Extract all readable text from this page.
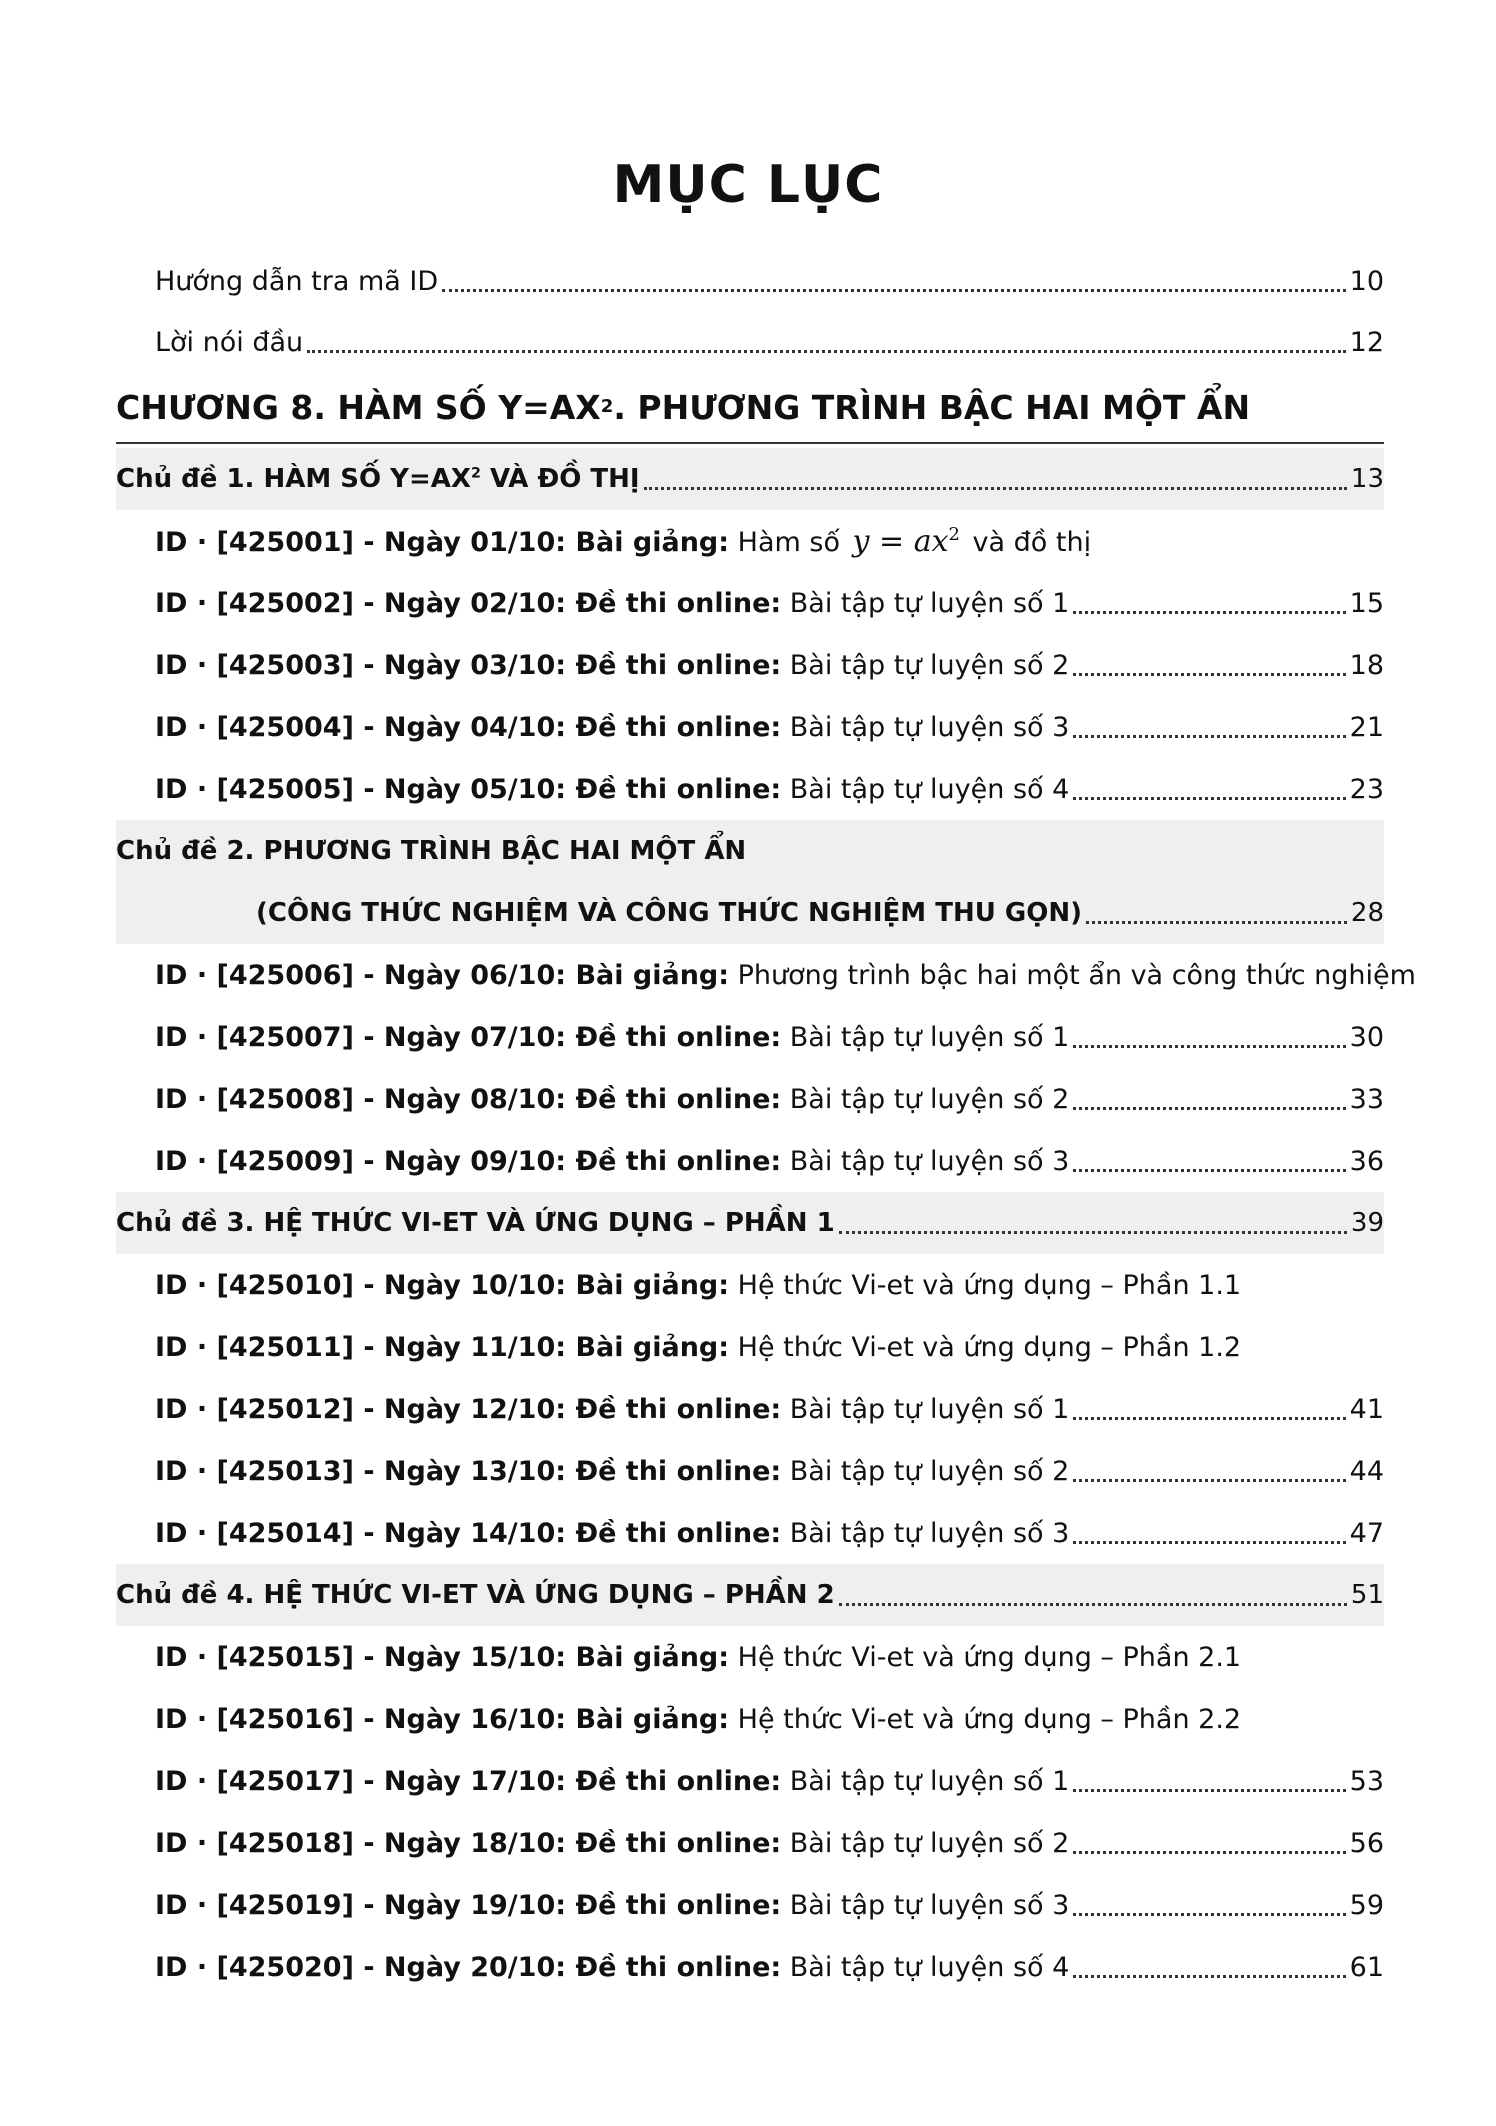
MỤC LỤC
Hướng dẫn tra mã ID	10
Lời nói đầu	12
CHƯƠNG 8. HÀM SỐ Y=AX 2 . PHƯƠNG TRÌNH BẬC HAI MỘT ẨN
Chủ đề 1. HÀM SỐ $Y=AX^2$ VÀ ĐỒ THỊ	13
ID · [425001] - Ngày 01/10: Bài giảng: Hàm số $y = ax^2$ và đồ thị
ID · [425002] - Ngày 02/10: Đề thi online: Bài tập tự luyện số 1	15
ID · [425003] - Ngày 03/10: Đề thi online: Bài tập tự luyện số 2	18
ID · [425004] - Ngày 04/10: Đề thi online: Bài tập tự luyện số 3	21
ID · [425005] - Ngày 05/10: Đề thi online: Bài tập tự luyện số 4	23
Chủ đề 2. PHƯƠNG TRÌNH BẬC HAI MỘT ẨN
(CÔNG THỨC NGHIỆM VÀ CÔNG THỨC NGHIỆM THU GỌN)	28
ID · [425006] - Ngày 06/10: Bài giảng: Phương trình bậc hai một ẩn và công thức nghiệm
ID · [425007] - Ngày 07/10: Đề thi online: Bài tập tự luyện số 1	30
ID · [425008] - Ngày 08/10: Đề thi online: Bài tập tự luyện số 2	33
ID · [425009] - Ngày 09/10: Đề thi online: Bài tập tự luyện số 3	36
Chủ đề 3. HỆ THỨC VI-ET VÀ ỨNG DỤNG – PHẦN 1	39
ID · [425010] - Ngày 10/10: Bài giảng: Hệ thức Vi-et và ứng dụng – Phần 1.1
ID · [425011] - Ngày 11/10: Bài giảng: Hệ thức Vi-et và ứng dụng – Phần 1.2
ID · [425012] - Ngày 12/10: Đề thi online: Bài tập tự luyện số 1	41
ID · [425013] - Ngày 13/10: Đề thi online: Bài tập tự luyện số 2	44
ID · [425014] - Ngày 14/10: Đề thi online: Bài tập tự luyện số 3	47
Chủ đề 4. HỆ THỨC VI-ET VÀ ỨNG DỤNG – PHẦN 2	51
ID · [425015] - Ngày 15/10: Bài giảng: Hệ thức Vi-et và ứng dụng – Phần 2.1
ID · [425016] - Ngày 16/10: Bài giảng: Hệ thức Vi-et và ứng dụng – Phần 2.2
ID · [425017] - Ngày 17/10: Đề thi online: Bài tập tự luyện số 1	53
ID · [425018] - Ngày 18/10: Đề thi online: Bài tập tự luyện số 2	56
ID · [425019] - Ngày 19/10: Đề thi online: Bài tập tự luyện số 3	59
ID · [425020] - Ngày 20/10: Đề thi online: Bài tập tự luyện số 4	61
